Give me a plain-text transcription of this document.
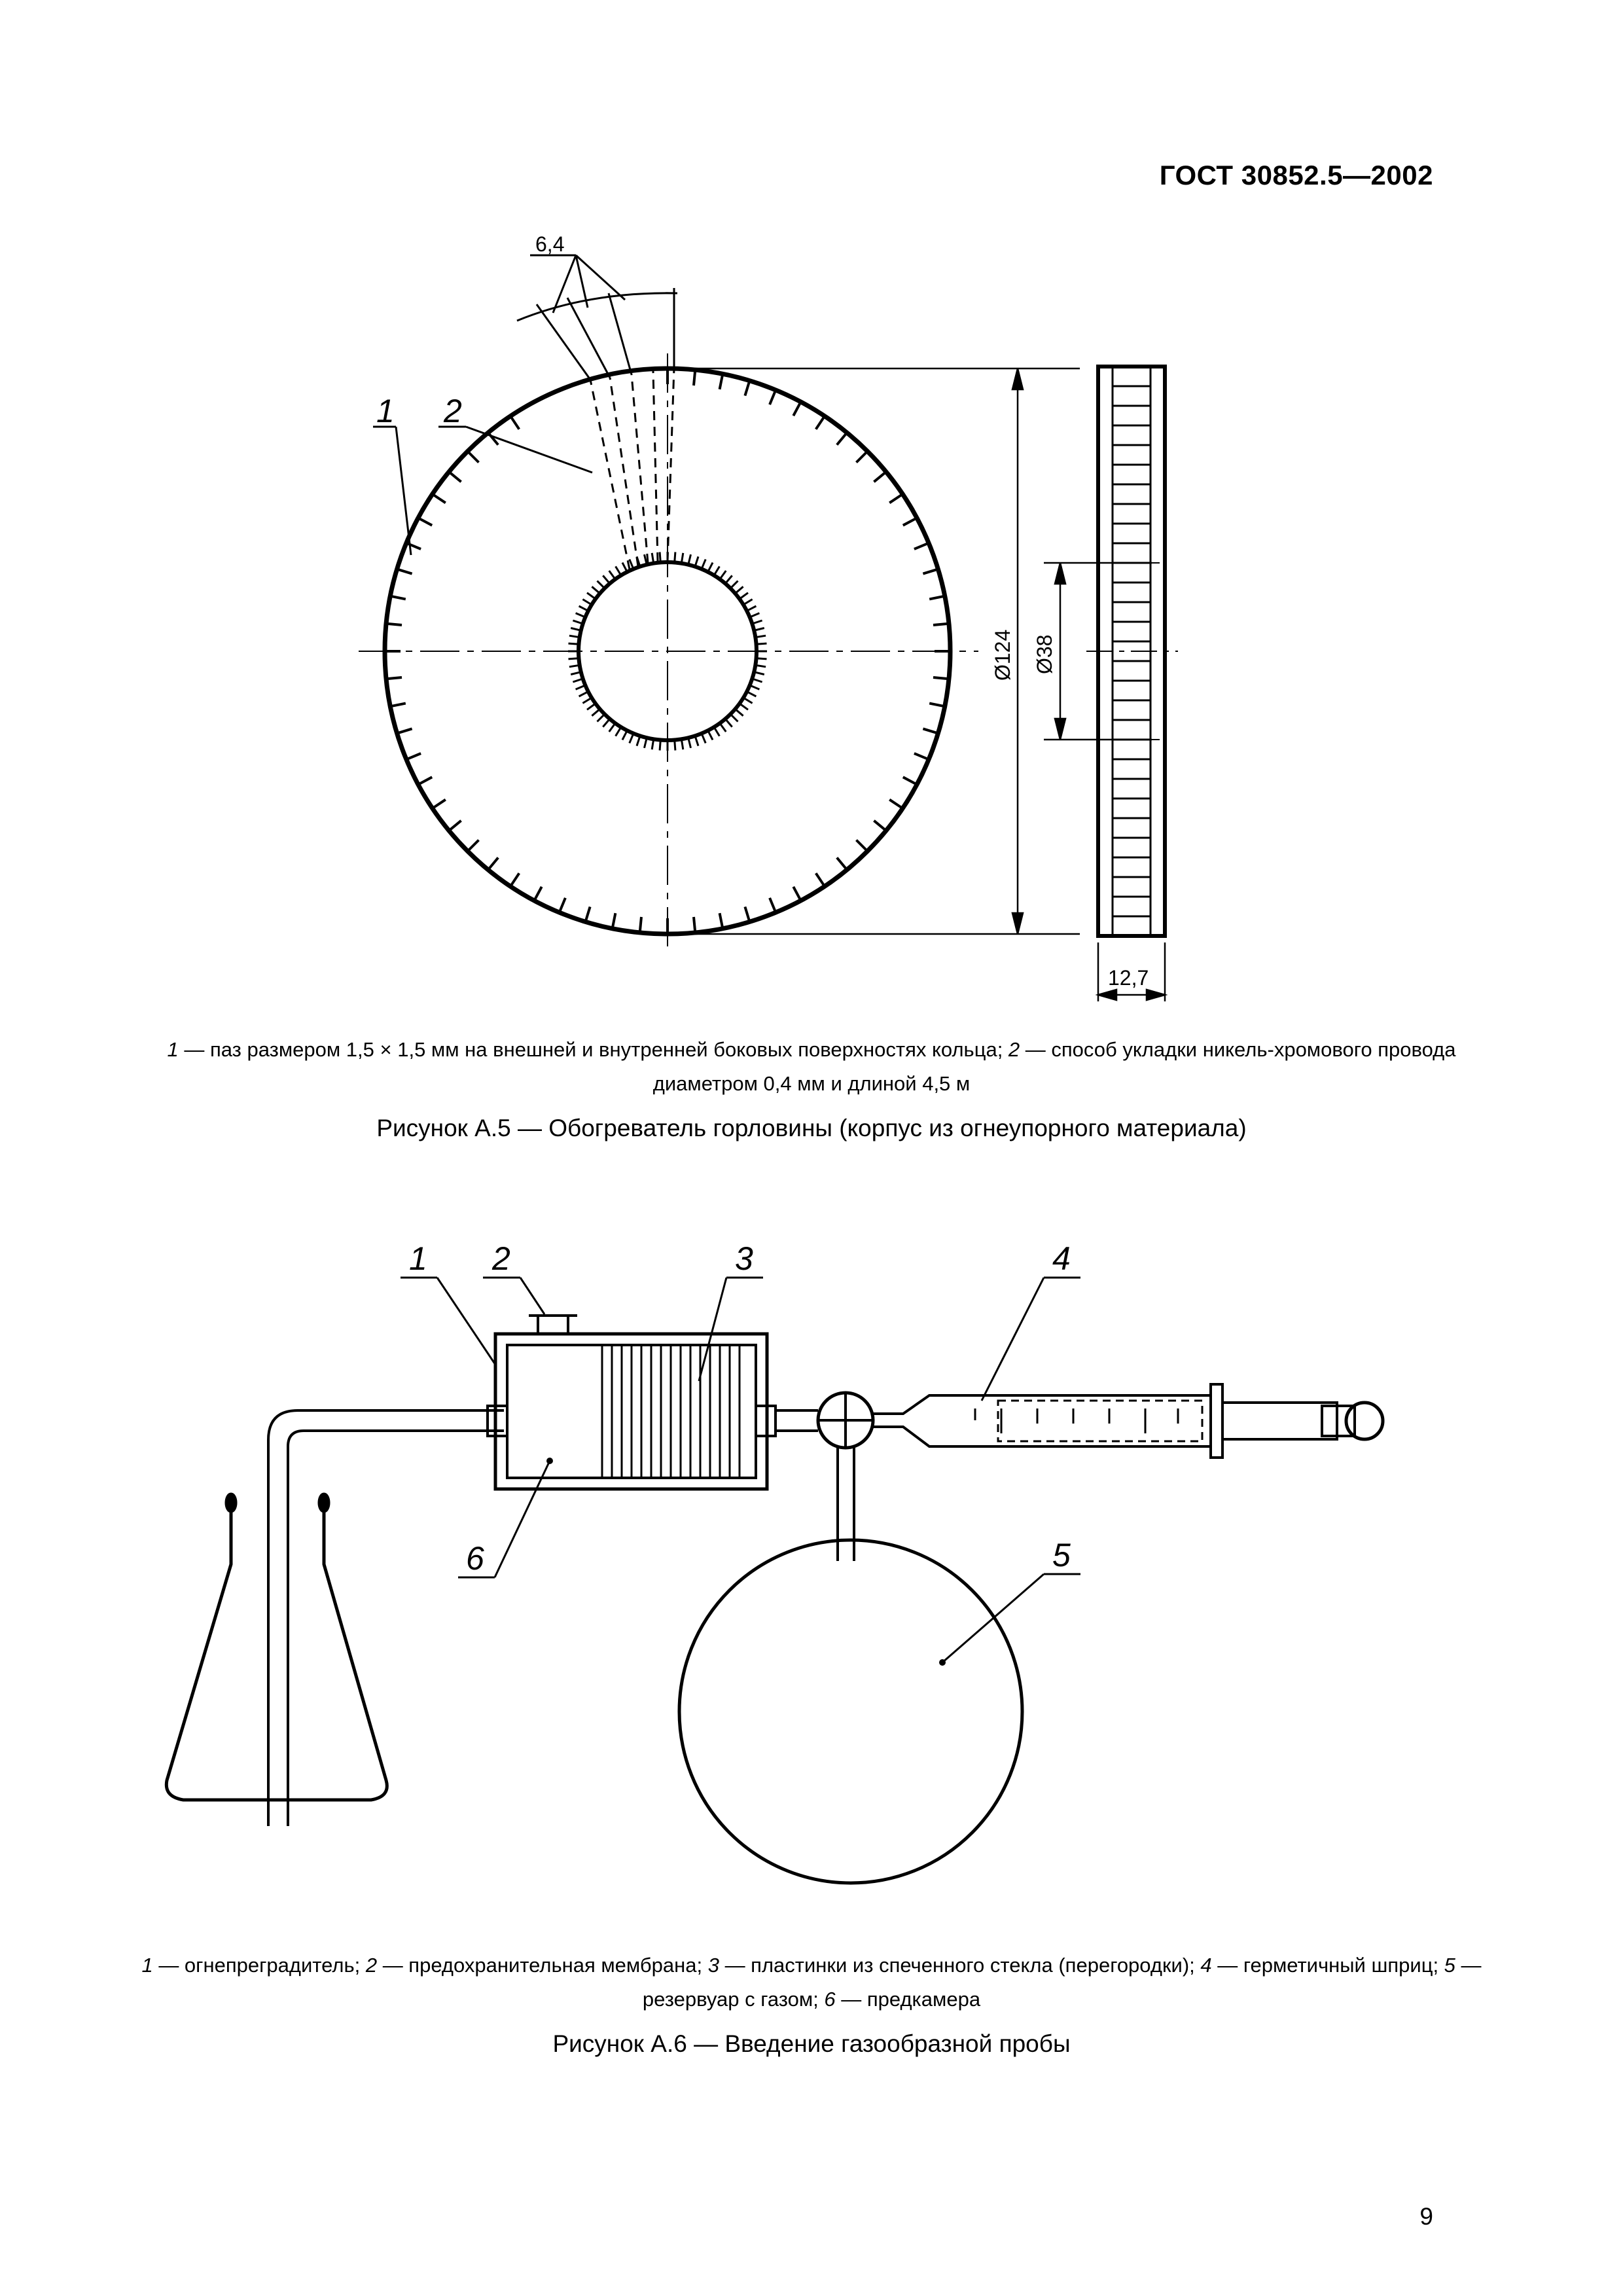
ГОСТ 30852.5—2002
1 2
6,4
Ø124 Ø38
12,7
1 — паз размером 1,5 × 1,5 мм на внешней и внутренней боковых поверхностях кольца; 2 — способ укладки никель-хромового провода диаметром 0,4 мм и длиной 4,5 м
Рисунок А.5 — Обогреватель горловины (корпус из огнеупорного материала)
1 2	3	4
5
6
1 — огнепреградитель; 2 — предохранительная мембрана; 3 — пластинки из спеченного стекла (перегородки); 4 — герметичный шприц; 5 — резервуар с газом; 6 — предкамера
Рисунок А.6 — Введение газообразной пробы
9
